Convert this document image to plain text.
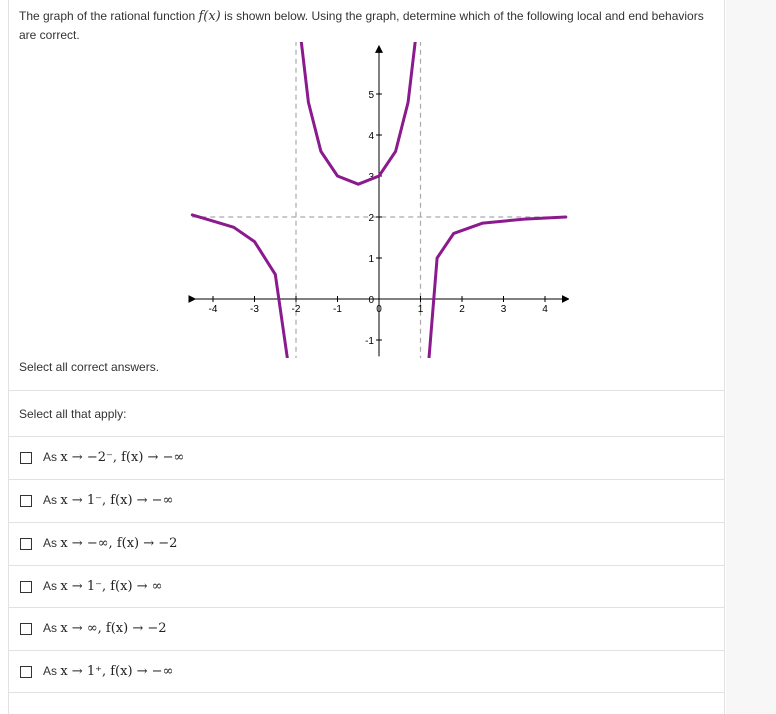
The graph of the rational function f(x) is shown below. Using the graph, determine which of the following local and end behaviors are correct.
-4	-3	-2	-1	0	1	2	3	4
5
4
3
2
1
0
-1
Select all correct answers.
Select all that apply:
As x → −2⁻, f(x) → −∞
As x → 1⁻, f(x) → −∞
As x → −∞, f(x) → −2
As x → 1⁻, f(x) → ∞
As x → ∞, f(x) → −2
As x → 1⁺, f(x) → −∞
